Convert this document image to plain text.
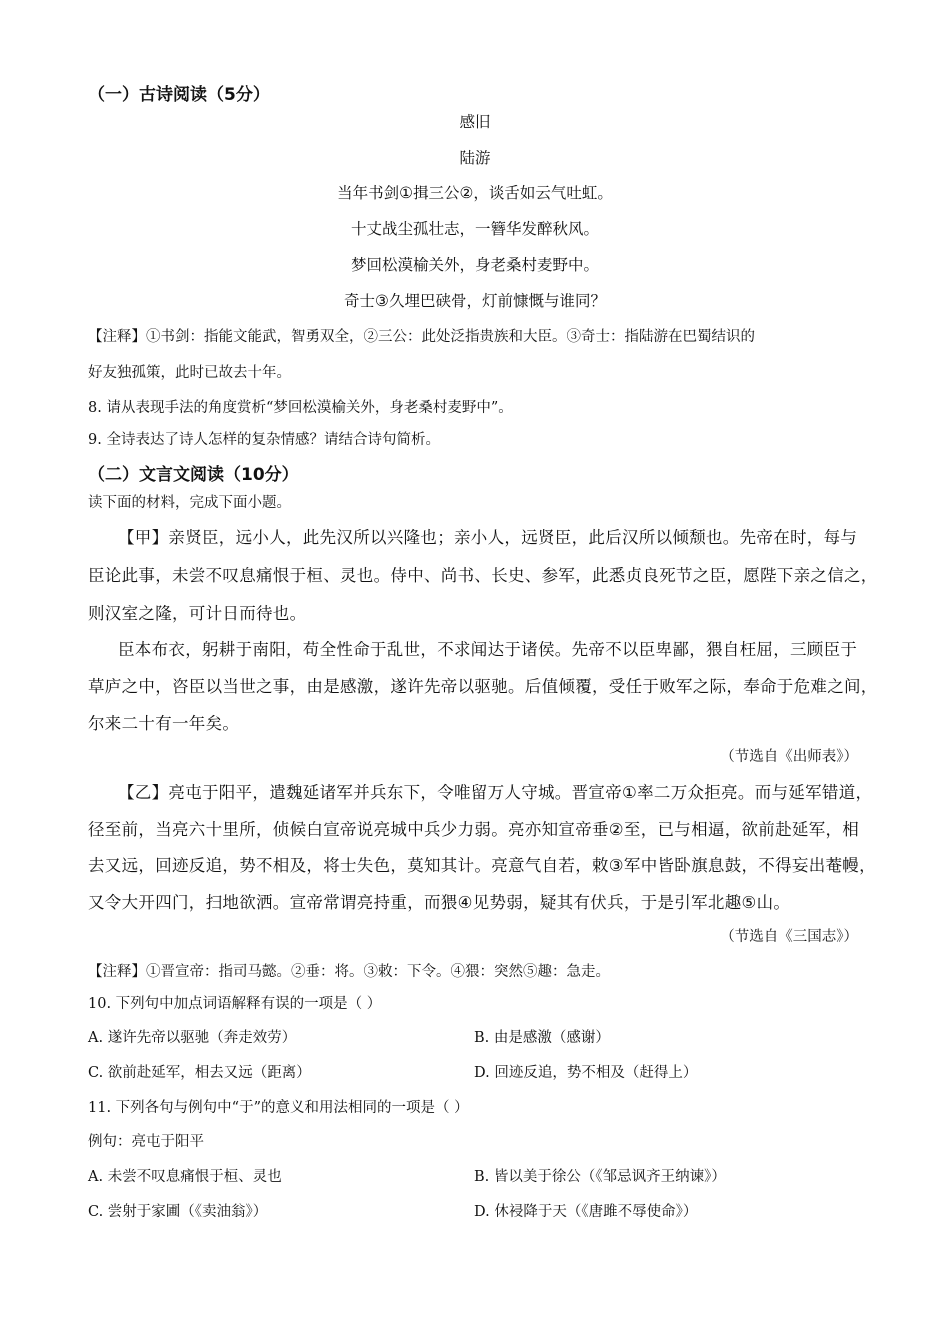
（一）古诗阅读（5分）
感旧
陆游
当年书剑①揖三公②，谈舌如云气吐虹。
十丈战尘孤壮志，一簪华发醉秋风。
梦回松漠榆关外，身老桑村麦野中。
奇士③久埋巴硖骨，灯前慷慨与谁同？
【注释】①书剑：指能文能武，智勇双全，②三公：此处泛指贵族和大臣。③奇士：指陆游在巴蜀结识的
好友独孤策，此时已故去十年。
8. 请从表现手法的角度赏析“梦回松漠榆关外，身老桑村麦野中”。
9. 全诗表达了诗人怎样的复杂情感？请结合诗句简析。
（二）文言文阅读（10分）
读下面的材料，完成下面小题。
【甲】亲贤臣，远小人，此先汉所以兴隆也；亲小人，远贤臣，此后汉所以倾颓也。先帝在时，每与
臣论此事，未尝不叹息痛恨于桓、灵也。侍中、尚书、长史、参军，此悉贞良死节之臣，愿陛下亲之信之，
则汉室之隆，可计日而待也。
臣本布衣，躬耕于南阳，苟全性命于乱世，不求闻达于诸侯。先帝不以臣卑鄙，猥自枉屈，三顾臣于
草庐之中，咨臣以当世之事，由是感激，遂许先帝以驱驰。后值倾覆，受任于败军之际，奉命于危难之间，
尔来二十有一年矣。
（节选自《出师表》）
【乙】亮屯于阳平，遣魏延诸军并兵东下，令唯留万人守城。晋宣帝①率二万众拒亮。而与延军错道，
径至前，当亮六十里所，侦候白宣帝说亮城中兵少力弱。亮亦知宣帝垂②至，已与相逼，欲前赴延军，相
去又远，回迹反追，势不相及，将士失色，莫知其计。亮意气自若，敕③军中皆卧旗息鼓，不得妄出菴幔，
又令大开四门，扫地欲洒。宣帝常谓亮持重，而猥④见势弱，疑其有伏兵，于是引军北趣⑤山。
（节选自《三国志》）
【注释】①晋宣帝：指司马懿。②垂：将。③敕：下令。④猥：突然⑤趣：急走。
10. 下列句中加点词语解释有误的一项是（ ）
A. 遂许先帝以驱驰（奔走效劳）	B. 由是感激（感谢）
C. 欲前赴延军，相去又远（距离）	D. 回迹反追，势不相及（赶得上）
11. 下列各句与例句中“于”的意义和用法相同的一项是（ ）
例句：亮屯于阳平
A. 未尝不叹息痛恨于桓、灵也	B. 皆以美于徐公（《邹忌讽齐王纳谏》）
C. 尝射于家圃（《卖油翁》）	D. 休祲降于天（《唐雎不辱使命》）
